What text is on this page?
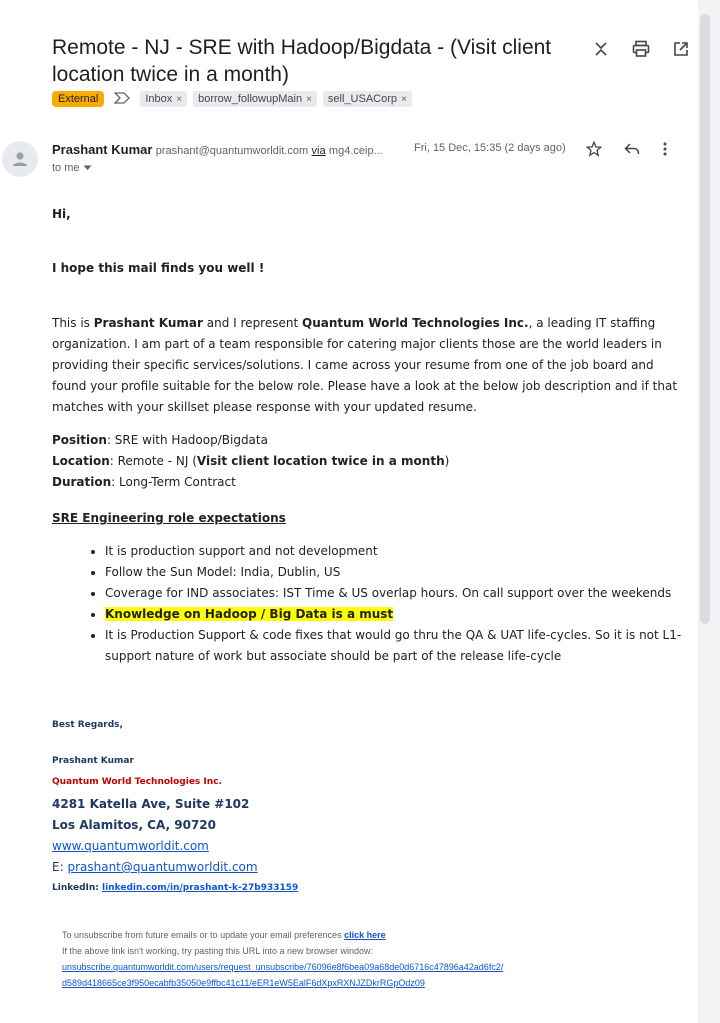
Remote - NJ - SRE with Hadoop/Bigdata - (Visit client location twice in a month)
External	Inbox × borrow_followupMain × sell_USACorp ×
Prashant Kumar prashant@quantumworldit.com via mg4.ceip...	Fri, 15 Dec, 15:35 (2 days ago)
to me

Hi,

I hope this mail finds you well !

This is Prashant Kumar and I represent Quantum World Technologies Inc., a leading IT staffing organization. I am part of a team responsible for catering major clients those are the world leaders in providing their specific services/solutions. I came across your resume from one of the job board and found your profile suitable for the below role. Please have a look at the below job description and if that matches with your skillset please response with your updated resume.

Position: SRE with Hadoop/Bigdata
Location: Remote - NJ (Visit client location twice in a month)
Duration: Long-Term Contract

SRE Engineering role expectations

• It is production support and not development
• Follow the Sun Model: India, Dublin, US
• Coverage for IND associates: IST Time & US overlap hours. On call support over the weekends
• Knowledge on Hadoop / Big Data is a must
• It is Production Support & code fixes that would go thru the QA & UAT life-cycles. So it is not L1-support nature of work but associate should be part of the release life-cycle
Best Regards,
Prashant Kumar
Quantum World Technologies Inc.
4281 Katella Ave, Suite #102
Los Alamitos, CA, 90720
www.quantumworldit.com
E: prashant@quantumworldit.com
LinkedIn: linkedin.com/in/prashant-k-27b933159
To unsubscribe from future emails or to update your email preferences click here
If the above link isn't working, try pasting this URL into a new browser window:
unsubscribe.quantumworldit.com/users/request_unsubscribe/76096e8f6bea09a68de0d6716c47896a42ad6fc2/
d589d418665ce3f950ecabfb35050e9ffbc41c11/eER1eW5EalF6dXpxRXNJZDkrRGpOdz09
